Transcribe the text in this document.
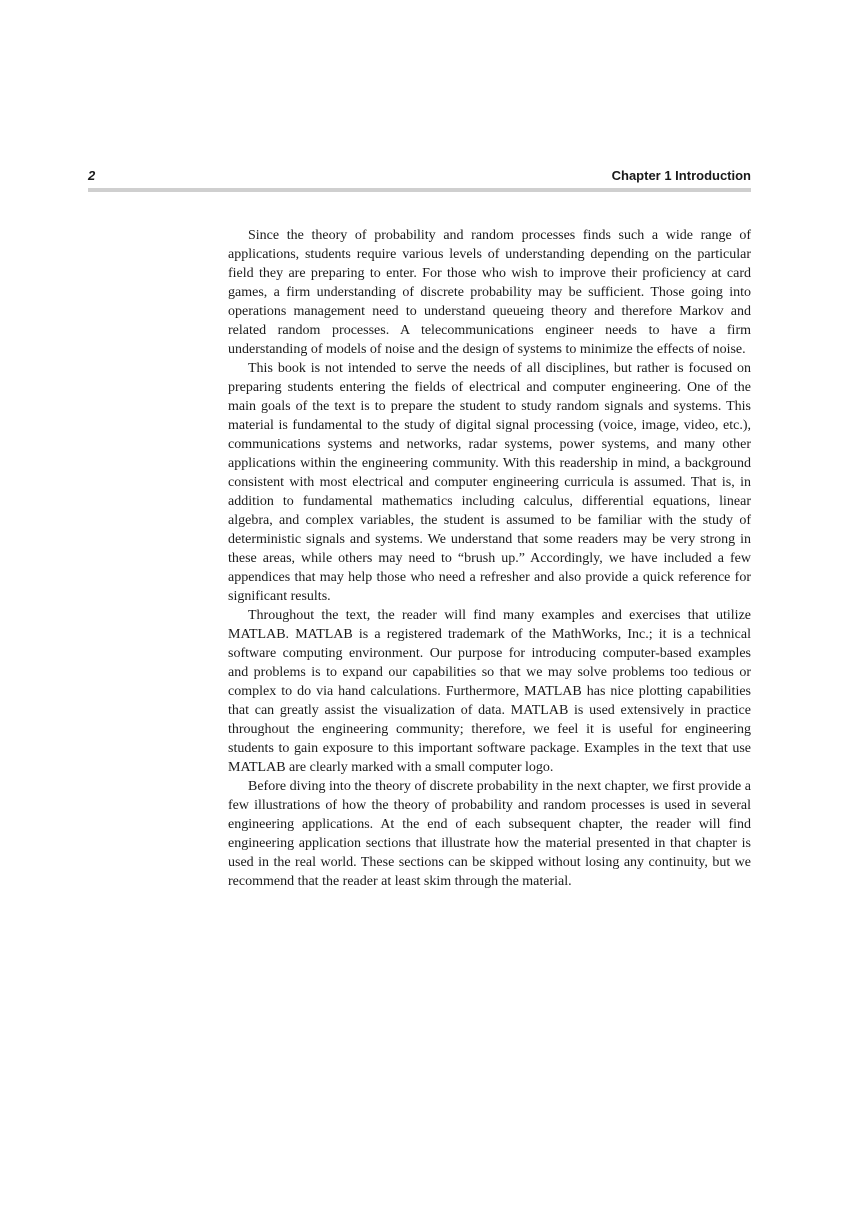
2	Chapter 1 Introduction

Since the theory of probability and random processes finds such a wide range of applications, students require various levels of understanding depending on the particular field they are preparing to enter. For those who wish to improve their proficiency at card games, a firm understanding of discrete probability may be sufficient. Those going into operations management need to understand queueing theory and therefore Markov and related random processes. A telecommunications engineer needs to have a firm understanding of models of noise and the design of systems to minimize the effects of noise.

This book is not intended to serve the needs of all disciplines, but rather is focused on preparing students entering the fields of electrical and computer engineering. One of the main goals of the text is to prepare the student to study random signals and systems. This material is fundamental to the study of digital signal processing (voice, image, video, etc.), communications systems and networks, radar systems, power systems, and many other applications within the engineering community. With this readership in mind, a background consistent with most electrical and computer engineering curricula is assumed. That is, in addition to fundamental mathematics including calculus, differential equations, linear algebra, and complex variables, the student is assumed to be familiar with the study of deterministic signals and systems. We understand that some readers may be very strong in these areas, while others may need to “brush up.” Accordingly, we have included a few appendices that may help those who need a refresher and also provide a quick reference for significant results.

Throughout the text, the reader will find many examples and exercises that utilize MATLAB. MATLAB is a registered trademark of the MathWorks, Inc.; it is a technical software computing environment. Our purpose for introducing computer-based examples and problems is to expand our capabilities so that we may solve problems too tedious or complex to do via hand calculations. Furthermore, MATLAB has nice plotting capabilities that can greatly assist the visualization of data. MATLAB is used extensively in practice throughout the engineering community; therefore, we feel it is useful for engineering students to gain exposure to this important software package. Examples in the text that use MATLAB are clearly marked with a small computer logo.

Before diving into the theory of discrete probability in the next chapter, we first provide a few illustrations of how the theory of probability and random processes is used in several engineering applications. At the end of each subsequent chapter, the reader will find engineering application sections that illustrate how the material presented in that chapter is used in the real world. These sections can be skipped without losing any continuity, but we recommend that the reader at least skim through the material.
